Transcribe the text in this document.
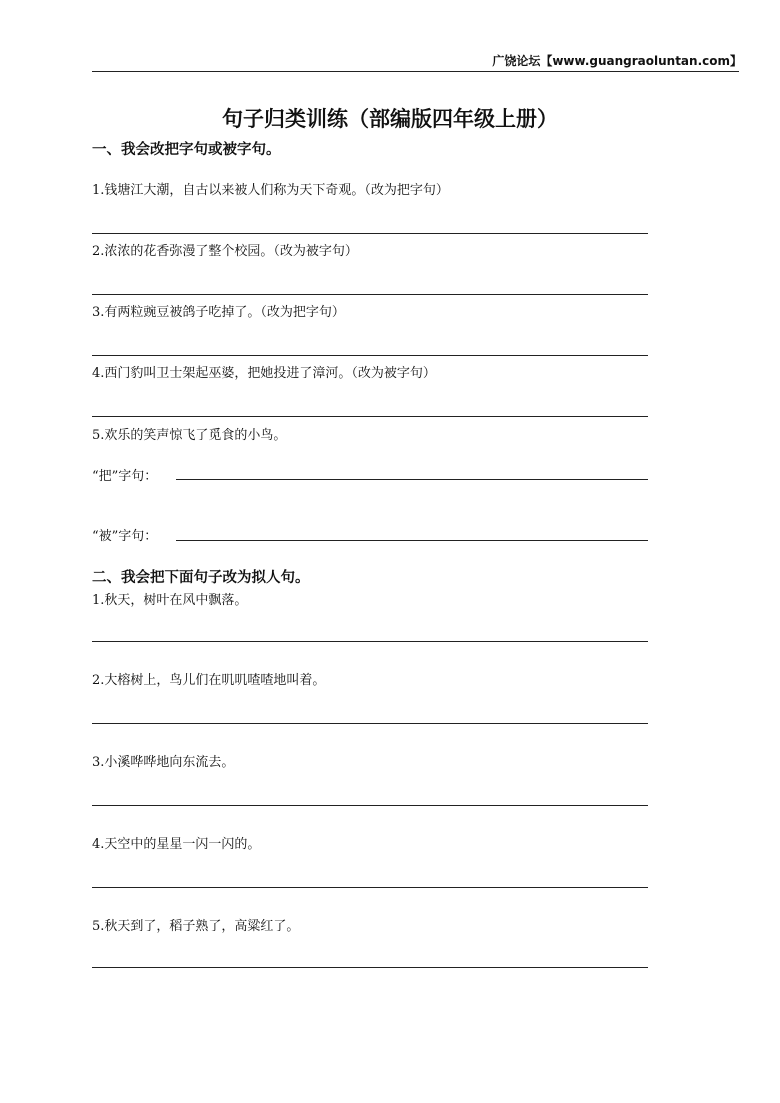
广饶论坛【www.guangraoluntan.com】
句子归类训练（部编版四年级上册）
一、我会改把字句或被字句。
1.钱塘江大潮，自古以来被人们称为天下奇观。（改为把字句）
2.浓浓的花香弥漫了整个校园。（改为被字句）
3.有两粒豌豆被鸽子吃掉了。（改为把字句）
4.西门豹叫卫士架起巫婆，把她投进了漳河。（改为被字句）
5.欢乐的笑声惊飞了觅食的小鸟。
“把”字句：
“被”字句：
二、我会把下面句子改为拟人句。
1.秋天，树叶在风中飘落。
2.大榕树上，鸟儿们在叽叽喳喳地叫着。
3.小溪哗哗地向东流去。
4.天空中的星星一闪一闪的。
5.秋天到了，稻子熟了，高粱红了。
